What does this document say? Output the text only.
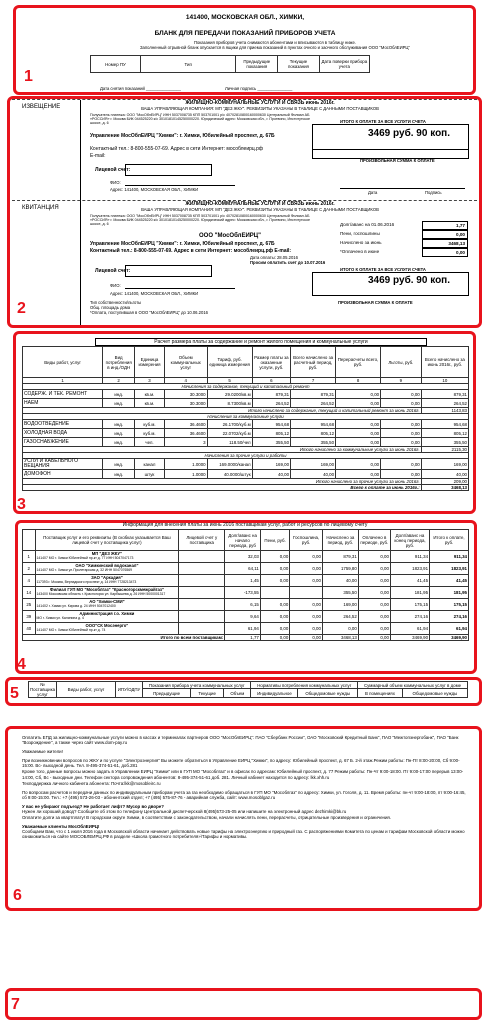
1
141400, МОСКОВСКАЯ ОБЛ., ХИМКИ,
БЛАНК ДЛЯ ПЕРЕДАЧИ ПОКАЗАНИЙ ПРИБОРОВ УЧЕТА
Показания приборов учета снимаются абонентами и вписываются в таблицу ниже.
Заполненный отрывной бланк опускается в ящики для приема показаний в пунктах очного и заочного обслуживания ООО "МосОблЕИРЦ"
Номер ПУ	Тип	Предыдущие показания	Текущие показания	Дата поверки прибора учета
Дата снятия показаний _______________	Личная подпись _______________
2
ИЗВЕЩЕНИЕ
ЖИЛИЩНО-КОММУНАЛЬНЫЕ УСЛУГИ И СВЯЗЬ июнь 2016г.
ВАША УПРАВЛЯЮЩАЯ КОМПАНИЯ: МП "ДЕЗ ЖКУ". РЕКВИЗИТЫ УКАЗАНЫ В ТАБЛИЦЕ С ДАННЫМИ ПОСТАВЩИКОВ
Получатель платежа: ООО "МосОблЕИРЦ" ИНН 5037008735 КПП 503701001 р/с 40702810800160000630 Центральный Филиал АБ «РОССИЯ» г. Москва БИК 044525220 к/с 30101810145250000220. Юридический адрес: Московская обл., г. Протвино, Институтское шоссе, д. 6
Управление МосОблЕИРЦ "Химки": г. Химки, Юбилейный проспект, д. 67Б
Контактный тел.: 8-800-555-07-69. Адрес в сети Интернет: мособлеирц.рф
E-mail:
ИТОГО К ОПЛАТЕ ЗА ВСЕ УСЛУГИ СЧЕТА
3469 руб. 90 коп.
ПРОИЗВОЛЬНАЯ СУММА К ОПЛАТЕ
Лицевой счет:
ФИО:
Адрес: 141400, МОСКОВСКАЯ ОБЛ., ХИМКИ
Дата	Подпись
КВИТАНЦИЯ
ЖИЛИЩНО-КОММУНАЛЬНЫЕ УСЛУГИ И СВЯЗЬ июнь 2016г.
ВАША УПРАВЛЯЮЩАЯ КОМПАНИЯ: МП "ДЕЗ ЖКУ". РЕКВИЗИТЫ УКАЗАНЫ В ТАБЛИЦЕ С ДАННЫМИ ПОСТАВЩИКОВ
Получатель платежа: ООО "МосОблЕИРЦ" ИНН 5037008735 КПП 503701001 р/с 40702810800160000630 Центральный Филиал АБ «РОССИЯ» г. Москва БИК 044525220 к/с 30101810145250000220. Юридический адрес: Московская обл., г. Протвино, Институтское шоссе, д. 6
ООО "МосОблЕИРЦ"
Управление МосОблЕИРЦ "Химки": г. Химки, Юбилейный проспект, д. 67Б
Контактный тел.: 8-800-555-07-69. Адрес в сети Интернет: мособлеирц.рф E-mail:
Дата оплаты: 28.05.2016
Просим оплатить счет до 10.07.2016
Долг/аванс на 01.06.2016	1,77
Пени, госпошлины	0,00
Начислено за июнь	3468,13
*Оплачено в июне	0,00
Лицевой счет:
ФИО:
Адрес: 141400, МОСКОВСКАЯ ОБЛ., ХИМКИ
ИТОГО К ОПЛАТЕ ЗА ВСЕ УСЛУГИ СЧЕТА
3469 руб. 90 коп.
ПРОИЗВОЛЬНАЯ СУММА К ОПЛАТЕ
Тип собственности/льготы
Общ. площадь дома
*Оплата, поступившая в ООО "МосОблЕИРЦ" до 10.06.2016
3
Расчет размера платы за содержание и ремонт жилого помещения и коммунальные услуги
Виды работ, услуг	Вид потребления в инд./ОДН	Единица измерения	Объем коммунальных услуг	Тариф, руб. единица измерения	Размер платы за оказанные услуги, руб.	Всего начислено за расчетный период, руб.	Перерасчеты всего, руб.	Льготы, руб.	Всего начислено за июнь 2016г., руб.
1	2	3	4	5	6	7	8	9	10
Начисления за содержание, текущий и капитальный ремонт									
СОДЕРЖ. И ТЕК. РЕМОНТ	инд.	кв.м.	30.3000	29.0200/кв.м	879,31	879,31	0,00	0,00	879,31
НАЕМ	инд.	кв.м.	30.3000	8.7300/кв.м	264,52	264,52	0,00	0,00	264,52
Итого начислено за содержание, текущий и капитальный ремонт за июнь 2016г.									1143,83
Начисления за коммунальные услуги									
ВОДООТВЕДЕНИЕ	инд.	куб.м.	36.4600	26.1700/куб.м	954,68	954,68	0,00	0,00	954,68
ХОЛОДНАЯ ВОДА	инд.	куб.м.	36.4600	22.0702/куб.м	805,12	805,12	0,00	0,00	805,12
ГАЗОСНАБЖЕНИЕ	инд.	чел.	3	118.50/чел	355,50	355,50	0,00	0,00	355,50
Итого начислено за коммунальные услуги за июнь 2016г.									2115,30
Начисления за прочие услуги и работы									
УСЛУГИ КАБЕЛЬНОГО ВЕЩАНИЯ	инд.	канал	1.0000	169.0000/канал	169,00	169,00	0,00	0,00	169,00
ДОМОФОН	инд.	штук	1.0000	40.0000/штук	40,00	40,00	0,00	0,00	40,00
Итого начислено за прочие услуги за июнь 2016г.									209,00
Всего к оплате за июнь 2016г.:									3468,13
4
Информация для внесения платы за июнь 2016 поставщикам услуг, работ и ресурсов по лицевому счету
	Поставщик услуг и его реквизиты (В скобках указывается Ваш лицевой счет у поставщика услуг)	Лицевой счет у поставщика	Долг/аванс на начало периода, руб	Пени, руб.	Госпошлина, руб.	Начислено за период, руб.	Оплачено в периоде, руб.	Долг/аванс на конец периода, руб.	Итого к оплате, руб.
1	МП "ДЕЗ ЖКУ"
141407 МО г. Химки Юбилейный пр-кт д. 77 ИНН 5047047173		32,03	0,00	0,00	879,31	0,00	911,34	911,34
2	ОАО "Химкинский водоканал"
141407 МО г. Химки ул.Пролетарская д. 32 ИНН 5047076569		64,11	0,00	0,00	1759,80	0,00	1823,91	1823,91
4	ЗАО "Аркадия"
117393 г. Москва, Вернадского проспект д. 14 ИНН 7728213473		1,45	0,00	0,00	40,00	0,00	41,45	41,45
14	Филиал ГУП МО "Мособлгаз" "Красногорскмежрайгаз"
143400 Московская область г. Красногорск ул. Карбышева д. 26 ИНН 5000001317		-173,55			355,50	0,00	181,95	181,95
25	АО "Химки-СМИ"
141402 г. Химки ул. Кирова д. 24 ИНН 5047012400		6,15	0,00	0,00	169,00	0,00	175,15	175,15
39	Администрация г.о. Химки
МО г. Химки ул. Калинина д. 4		9,64	0,00	0,00	264,52	0,00	274,16	274,16
40	ООО"СК Мосэнерго"
141407 МО г. Химки Юбилейный пр-кт д. 74		61,94	0,00	0,00	0,00	0,00	61,94	61,94
Итого по всем поставщикам:			1,77	0,00	0,00	3468,13	0,00	3469,90	3469,90
5
№ Поставщика услуг	Виды работ, услуг	ИПУ/ОДПУ	Показания прибора учета коммунальных услуг			Нормативы потребления коммунальных услуг		Суммарный объем коммунальных услуг в доме	
			Предыдущие	Текущие	Объем	Индивидуальное	Общедомовые нужды	В помещениях	Общедомовые нужды
6

Оплатить ЕПД за жилищно-коммунальные услуги можно в кассах и терминалах партнеров ООО "МосОблЕИРЦ": ПАО "Сбербанк России", ОАО "Московский Кредитный Банк", ПАО "Межтопэнергобанк", ПАО "Банк "Возрождение", а также через сайт www.dom-pay.ru

Уважаемые жители!

При возникновении вопросов по ЖКУ и по услуге "Электроэнергия" Вы можете обратиться в Управление ЕИРЦ "Химки", по адресу: Юбилейный проспект, д. 67 Б. 2-й этаж.Режим работы: Пн-Пт 8:00-20:00, Сб 9:00-15:00. Вс- выходной день. Тел. 8-495-374-51-61, доб.281

Кроме того, данные вопросы можно задать в Управлении ЕИРЦ "Химки" или в ГУП МО "Мособлгаз" и в офисах по адресам: Юбилейный проспект, д. 77 Режим работы: Пн-Чт 9:00-18:00. Пт 9:00-17:00 перерыв 13:00-14:00, Сб, Вс - выходные дни. Телефон сектора сопровождения абонентов: 8-495-374-51-61 доб. 281. Личный кабинет находится по адресу: lkk.xhh.ru

Техподдержка личного кабинета абонента: Почта:lkk@mosobleirc.ru

По вопросам расчетов и передачи данных по индивидуальным приборам учета за газ необходимо обращаться в ГУП МО "Мособлгаз" по адресу: Химки, ул. Гоголя, д. 11. Время работы: пн-чт 9:00-18:00, пт 9:00-16:45, сб 9:00-15:00. Тел.: +7 (495) 573-26-03 - абонентский отдел; +7 (495) 575-87-76 - аварийная служба, сайт: www.mosoblgaz.ru

У вас не убирают подъезд? Не работает лифт? Мусор во дворе?

Нужен ли хороший довод? Сообщите об этом по телефону Центральной диспетчерской 8(495)573-25-05 или напишите на электронный адрес dezhimki@bk.ru

Оплатите долги за квартплату! В городском округе Химки, в соответствии с законодательством, начали начислять пени, перерасчеты, отрицательные произведения и ограничения.

Уважаемые клиенты МосОблЕИРЦ!

Сообщаем Вам, что с 1 июля 2016 года в Московской области начинает действовать новые тарифы на электроэнергию и природный газ. С распоряжениями Комитета по ценам и тарифам Московской области можно ознакомиться на сайте МОСОБЛЕИРЦ.РФ в разделе «Школа грамотного потребителя»\Тарифы и нормативы.

7
